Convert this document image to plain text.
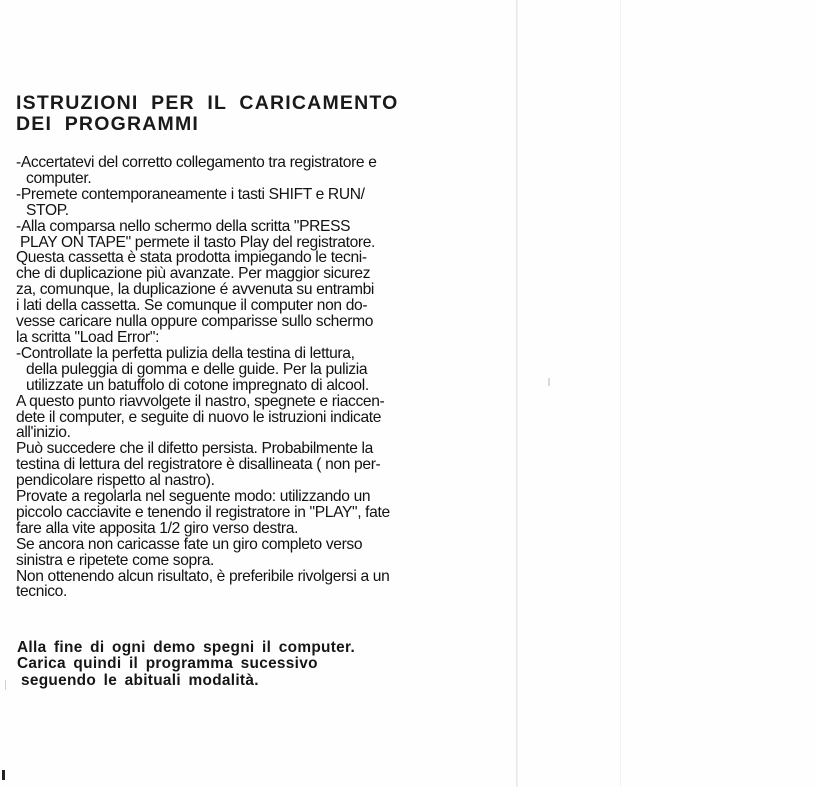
ISTRUZIONI PER IL CARICAMENTO
DEI PROGRAMMI
-Accertatevi del corretto collegamento tra registratore e
computer.
-Premete contemporaneamente i tasti SHIFT e RUN/
STOP.
-Alla comparsa nello schermo della scritta "PRESS
PLAY ON TAPE" permete il tasto Play del registratore.
Questa cassetta è stata prodotta impiegando le tecni-
che di duplicazione più avanzate. Per maggior sicurez
za, comunque, la duplicazione é avvenuta su entrambi
i lati della cassetta. Se comunque il computer non do-
vesse caricare nulla oppure comparisse sullo schermo
la scritta "Load Error":
-Controllate la perfetta pulizia della testina di lettura,
della puleggia di gomma e delle guide. Per la pulizia
utilizzate un batuffolo di cotone impregnato di alcool.
A questo punto riavvolgete il nastro, spegnete e riaccen-
dete il computer, e seguite di nuovo le istruzioni indicate
all'inizio.
Può succedere che il difetto persista. Probabilmente la
testina di lettura del registratore è disallineata ( non per-
pendicolare rispetto al nastro).
Provate a regolarla nel seguente modo: utilizzando un
piccolo cacciavite e tenendo il registratore in "PLAY", fate
fare alla vite apposita 1/2 giro verso destra.
Se ancora non caricasse fate un giro completo verso
sinistra e ripetete come sopra.
Non ottenendo alcun risultato, è preferibile rivolgersi a un
tecnico.
Alla fine di ogni demo spegni il computer.
Carica quindi il programma sucessivo
seguendo le abituali modalità.
